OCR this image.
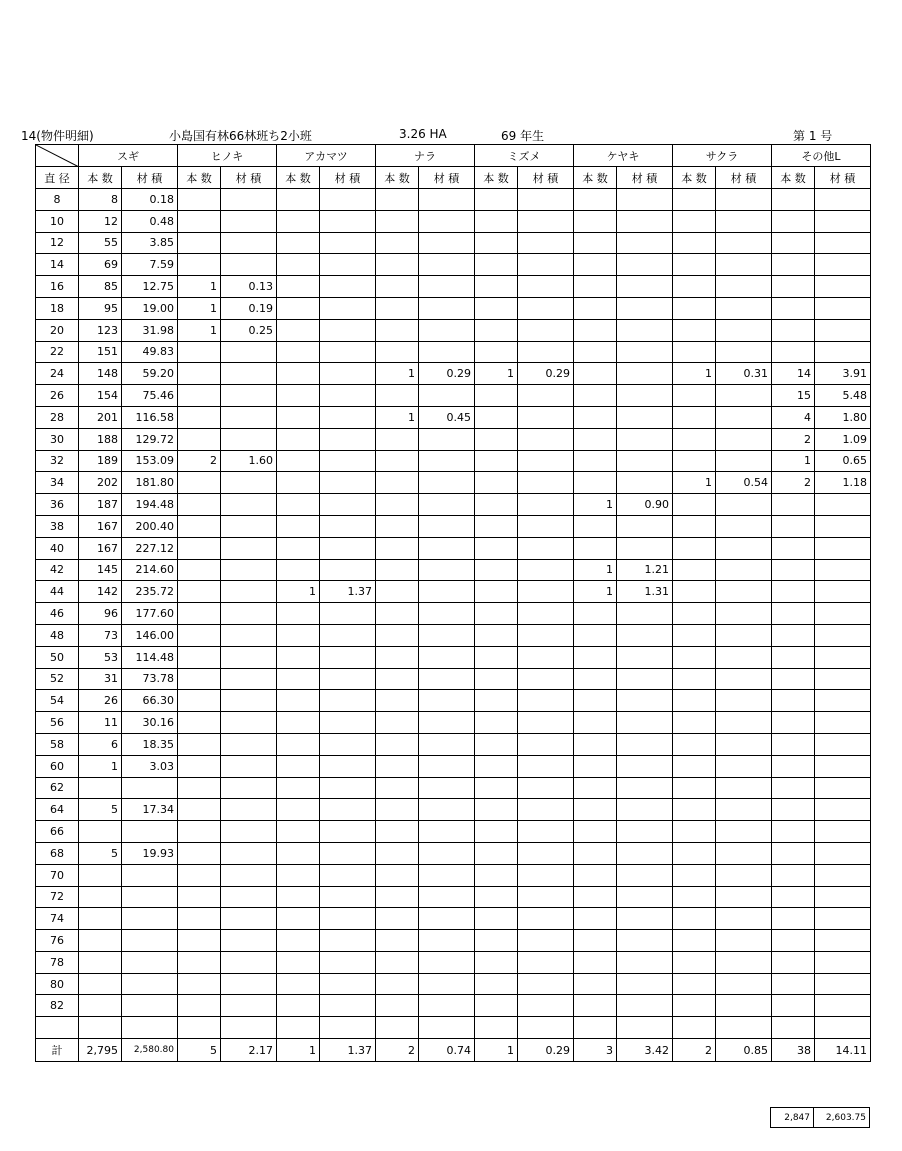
14(物件明細)	小島国有林66林班ち2小班	3.26 HA	69 年生	第 1 号
	スギ		ヒノキ		アカマツ		ナラ		ミズメ		ケヤキ		サクラ		その他L	
直 径	本 数	材 積	本 数	材 積	本 数	材 積	本 数	材 積	本 数	材 積	本 数	材 積	本 数	材 積	本 数	材 積
8	8	0.18														
10	12	0.48														
12	55	3.85														
14	69	7.59														
16	85	12.75	1	0.13												
18	95	19.00	1	0.19												
20	123	31.98	1	0.25												
22	151	49.83														
24	148	59.20					1	0.29	1	0.29			1	0.31	14	3.91
26	154	75.46													15	5.48
28	201	116.58					1	0.45							4	1.80
30	188	129.72													2	1.09
32	189	153.09	2	1.60											1	0.65
34	202	181.80											1	0.54	2	1.18
36	187	194.48									1	0.90				
38	167	200.40														
40	167	227.12														
42	145	214.60									1	1.21				
44	142	235.72			1	1.37					1	1.31				
46	96	177.60														
48	73	146.00														
50	53	114.48														
52	31	73.78														
54	26	66.30														
56	11	30.16														
58	6	18.35														
60	1	3.03														
62																
64	5	17.34														
66																
68	5	19.93														
70																
72																
74																
76																
78																
80																
82																

計	2,795	2,580.80	5	2.17	1	1.37	2	0.74	1	0.29	3	3.42	2	0.85	38	14.11
2,847	2,603.75
